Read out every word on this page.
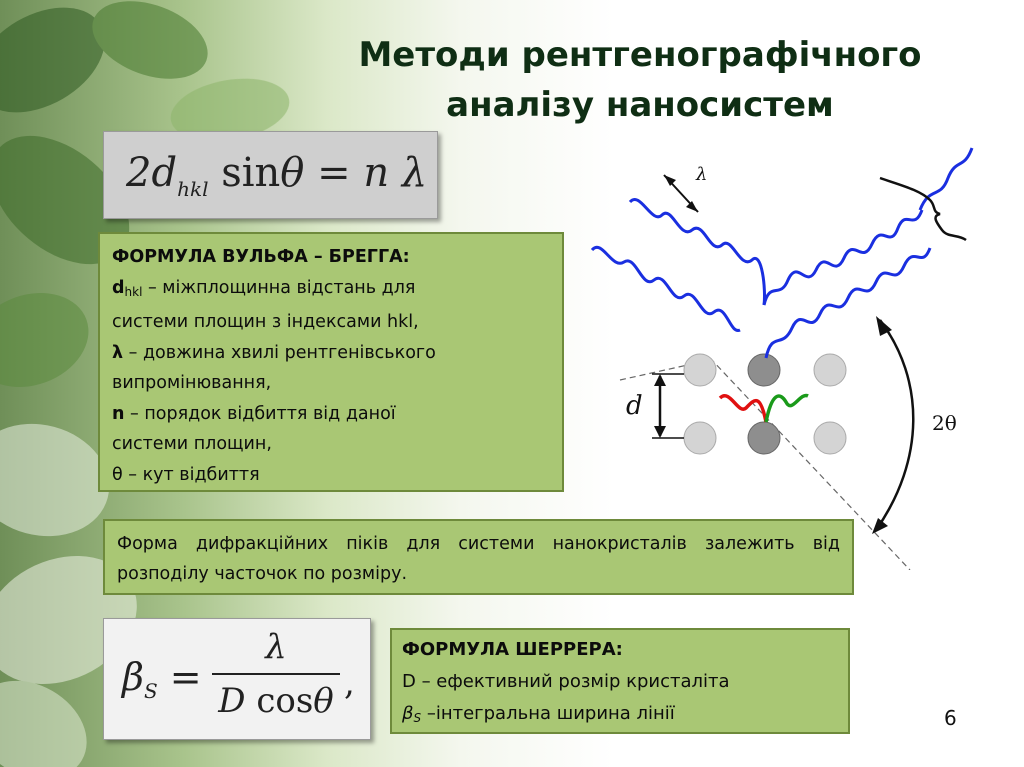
Методи рентгенографічного
аналізу наносистем
$2d_{hkl}$ sinθ = n λ
ФОРМУЛА ВУЛЬФА – БРЕГГА:
dhkl – міжплощинна відстань для
системи площин з індексами hkl,
λ – довжина хвилі рентгенівського
випромінювання,
n – порядок відбиття від даної
системи площин,
θ – кут відбиття
λ
d
2θ
Форма дифракційних піків для системи нанокристалів залежить від розподілу часточок по розміру.
$\beta_S$ =
λ
D cosθ ,
ФОРМУЛА ШЕРРЕРА:
D – ефективний розмір кристаліта
βS –інтегральна ширина лінії	6
